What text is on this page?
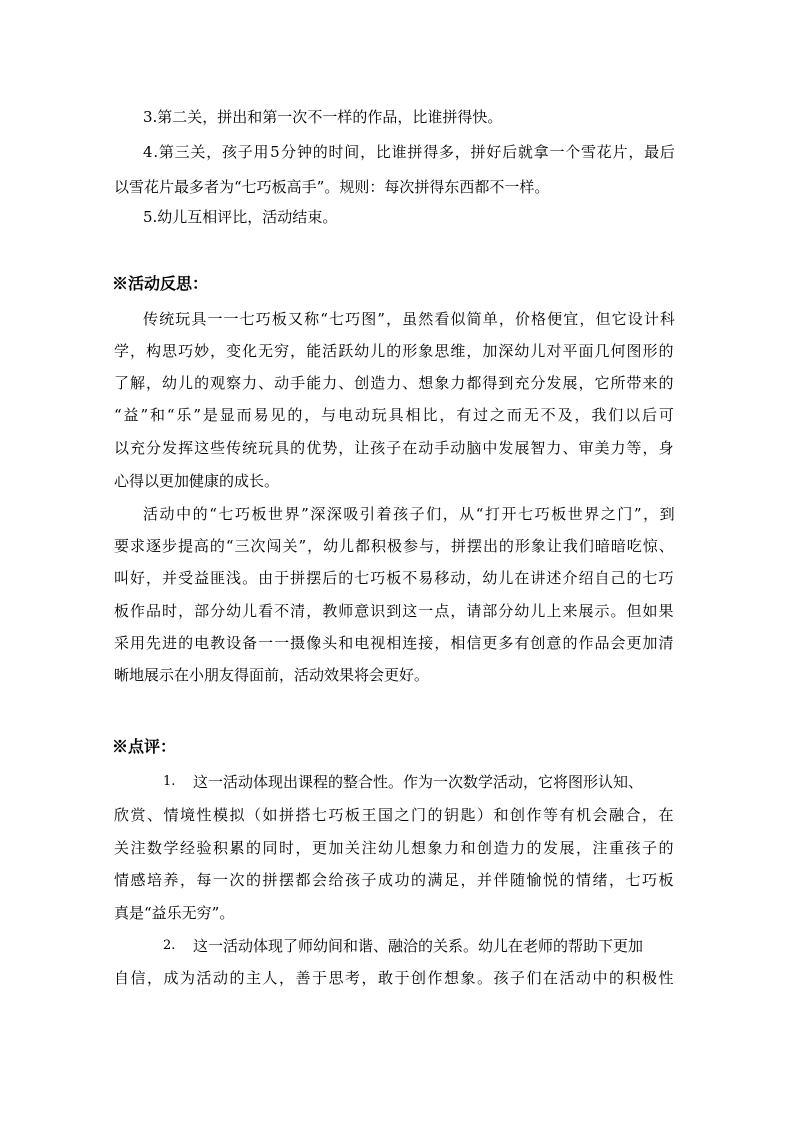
3.第二关，拼出和第一次不一样的作品，比谁拼得快。
4 . 第 三 关 ， 孩 子 用 5 分 钟 的 时 间 ， 比 谁 拼 得 多 ， 拼 好 后 就 拿 一 个 雪 花 片 ， 最 后
以雪花片最多者为“七巧板高手”。规则：每次拼得东西都不一样。
5.幼儿互相评比，活动结束。
※活动反思：
传 统 玩 具 一 一 七 巧 板 又 称 “ 七 巧 图 ” ， 虽 然 看 似 简 单 ， 价 格 便 宜 ， 但 它 设 计 科
学 ， 构 思 巧 妙 ， 变 化 无 穷 ， 能 活 跃 幼 儿 的 形 象 思 维 ， 加 深 幼 儿 对 平 面 几 何 图 形 的
了 解 ， 幼 儿 的 观 察 力 、 动 手 能 力 、 创 造 力 、 想 象 力 都 得 到 充 分 发 展 ， 它 所 带 来 的
“ 益 ” 和 “ 乐 ” 是 显 而 易 见 的 ， 与 电 动 玩 具 相 比 ， 有 过 之 而 无 不 及 ， 我 们 以 后 可
以 充 分 发 挥 这 些 传 统 玩 具 的 优 势 ， 让 孩 子 在 动 手 动 脑 中 发 展 智 力 、 审 美 力 等 ， 身
心得以更加健康的成长。
活 动 中 的 “ 七 巧 板 世 界 ” 深 深 吸 引 着 孩 子 们 ， 从 “ 打 开 七 巧 板 世 界 之 门 ” ， 到
要 求 逐 步 提 高 的 “ 三 次 闯 关 ” ， 幼 儿 都 积 极 参 与 ， 拼 摆 出 的 形 象 让 我 们 暗 暗 吃 惊 、
叫 好 ， 并 受 益 匪 浅 。 由 于 拼 摆 后 的 七 巧 板 不 易 移 动 ， 幼 儿 在 讲 述 介 绍 自 己 的 七 巧
板 作 品 时 ， 部 分 幼 儿 看 不 清 ， 教 师 意 识 到 这 一 点 ， 请 部 分 幼 儿 上 来 展 示 。 但 如 果
采 用 先 进 的 电 教 设 备 一 一 摄 像 头 和 电 视 相 连 接 ， 相 信 更 多 有 创 意 的 作 品 会 更 加 清
晰地展示在小朋友得面前，活动效果将会更好。
※点评：
1.	这一活动体现出课程的整合性。作为一次数学活动，它将图形认知、
欣 赏 、 情 境 性 模 拟 （ 如 拼 搭 七 巧 板 王 国 之 门 的 钥 匙 ） 和 创 作 等 有 机 会 融 合 ， 在
关 注 数 学 经 验 积 累 的 同 时 ， 更 加 关 注 幼 儿 想 象 力 和 创 造 力 的 发 展 ， 注 重 孩 子 的
情 感 培 养 ， 每 一 次 的 拼 摆 都 会 给 孩 子 成 功 的 满 足 ， 并 伴 随 愉 悦 的 情 绪 ， 七 巧 板
真是“益乐无穷”。
2.	这一活动体现了师幼间和谐、融洽的关系。幼儿在老师的帮助下更加
自 信 ， 成 为 活 动 的 主 人 ， 善 于 思 考 ， 敢 于 创 作 想 象 。 孩 子 们 在 活 动 中 的 积 极 性
